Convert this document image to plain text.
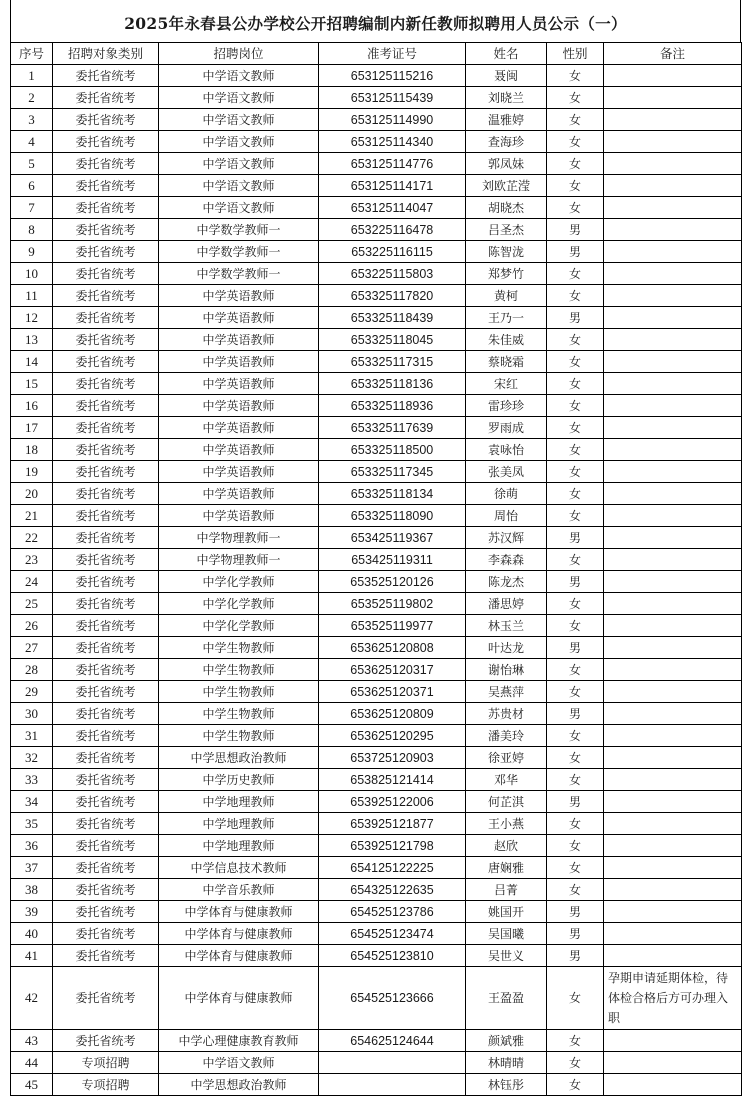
2025年永春县公办学校公开招聘编制内新任教师拟聘用人员公示（一）
序号	招聘对象类别	招聘岗位	准考证号	姓名	性别	备注
1	委托省统考	中学语文教师	653125115216	聂闽	女	
2	委托省统考	中学语文教师	653125115439	刘晓兰	女	
3	委托省统考	中学语文教师	653125114990	温雅婷	女	
4	委托省统考	中学语文教师	653125114340	查海珍	女	
5	委托省统考	中学语文教师	653125114776	郭凤妹	女	
6	委托省统考	中学语文教师	653125114171	刘欧芷滢	女	
7	委托省统考	中学语文教师	653125114047	胡晓杰	女	
8	委托省统考	中学数学教师一	653225116478	吕圣杰	男	
9	委托省统考	中学数学教师一	653225116115	陈智泷	男	
10	委托省统考	中学数学教师一	653225115803	郑梦竹	女	
11	委托省统考	中学英语教师	653325117820	黄柯	女	
12	委托省统考	中学英语教师	653325118439	王乃一	男	
13	委托省统考	中学英语教师	653325118045	朱佳威	女	
14	委托省统考	中学英语教师	653325117315	蔡晓霜	女	
15	委托省统考	中学英语教师	653325118136	宋红	女	
16	委托省统考	中学英语教师	653325118936	雷珍珍	女	
17	委托省统考	中学英语教师	653325117639	罗雨成	女	
18	委托省统考	中学英语教师	653325118500	袁咏怡	女	
19	委托省统考	中学英语教师	653325117345	张美凤	女	
20	委托省统考	中学英语教师	653325118134	徐萌	女	
21	委托省统考	中学英语教师	653325118090	周怡	女	
22	委托省统考	中学物理教师一	653425119367	苏汉辉	男	
23	委托省统考	中学物理教师一	653425119311	李森森	女	
24	委托省统考	中学化学教师	653525120126	陈龙杰	男	
25	委托省统考	中学化学教师	653525119802	潘思婷	女	
26	委托省统考	中学化学教师	653525119977	林玉兰	女	
27	委托省统考	中学生物教师	653625120808	叶达龙	男	
28	委托省统考	中学生物教师	653625120317	谢怡琳	女	
29	委托省统考	中学生物教师	653625120371	吴燕萍	女	
30	委托省统考	中学生物教师	653625120809	苏贵材	男	
31	委托省统考	中学生物教师	653625120295	潘美玲	女	
32	委托省统考	中学思想政治教师	653725120903	徐亚婷	女	
33	委托省统考	中学历史教师	653825121414	邓华	女	
34	委托省统考	中学地理教师	653925122006	何芷淇	男	
35	委托省统考	中学地理教师	653925121877	王小燕	女	
36	委托省统考	中学地理教师	653925121798	赵欣	女	
37	委托省统考	中学信息技术教师	654125122225	唐娴雅	女	
38	委托省统考	中学音乐教师	654325122635	吕菁	女	
39	委托省统考	中学体育与健康教师	654525123786	姚国开	男	
40	委托省统考	中学体育与健康教师	654525123474	吴国曦	男	
41	委托省统考	中学体育与健康教师	654525123810	吴世义	男	
42	委托省统考	中学体育与健康教师	654525123666	王盈盈	女	孕期申请延期体检，待体检合格后方可办理入职
43	委托省统考	中学心理健康教育教师	654625124644	颜斌雅	女	
44	专项招聘	中学语文教师		林晴晴	女	
45	专项招聘	中学思想政治教师		林钰彤	女	
